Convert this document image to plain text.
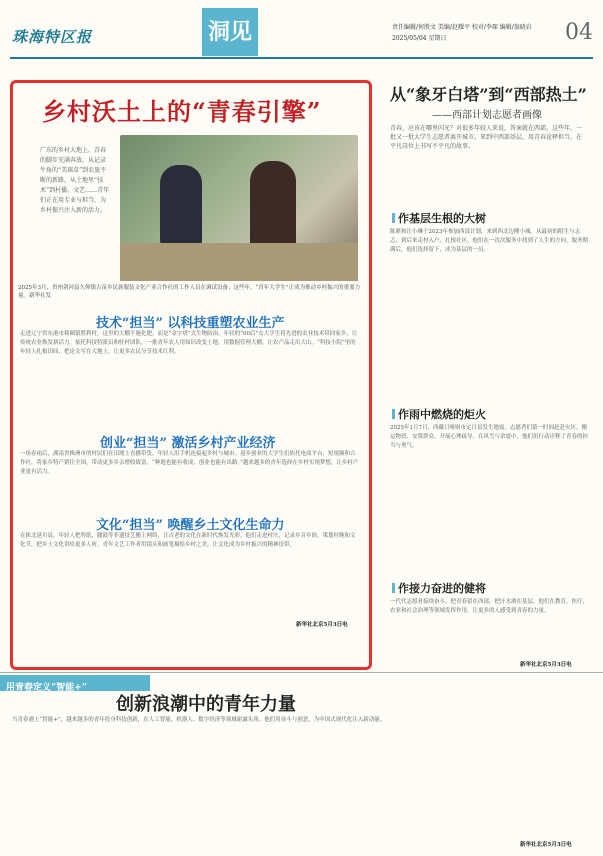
珠海特区报	洞见	责任编辑/何胜文 美编/赵耀平 校对/李琛 编辑/翁晓岩
2025/05/04 星期日	04
乡村沃土上的“青春引擎”
广东的乡村大地上，青春的脚步充满奔放。从记录牛角的“美瑶草”到农旅不断的新路，从土地里“技术”到村播、文艺……青年们正在用专业与担当，为乡村振兴注入新的活力。
2025年3月，贵州剑河县久仰镇古苗乡民族服装文化产业合作社的工作人员在调试设备；这些年，“青年大学生”正成为推动乡村振兴的重要力量。新华社发
技术“担当” 以科技重塑农业生产
走进辽宁省东港市椅圈镇胜利村，这里的大棚不施化肥，而是“金字塔”式生物防治。年轻的“00后”女大学生将先进的农业技术带回家乡，让传统农业焕发新活力。依托科技特派员和驻村团队，一批青年农人用知识改变土地，用数据管理大棚，让农产品走出大山。“科技小院”里的年轻人扎根田间，把论文写在大地上，让更多农民分享技术红利。
创业“担当” 激活乡村产业经济
一场春雨后，湖南省株洲市的村民们在田埂上直播带货，年轻人用手机连接起乡村与城市。返乡创业的大学生们依托电商平台、短视频和合作社，将家乡特产销往全国，带动更多乡亲增收致富。“种地也能有收成，创业也能有出路。”越来越多的青年选择在乡村实现梦想，让乡村产业更有活力。
文化“担当” 唤醒乡土文化生命力
在陕北延川县，年轻人把剪纸、腰鼓等非遗技艺搬上网络，让古老的文化在新时代焕发光彩。他们走进村庄，记录乡音乡俗，策划村晚和文化节，把乡土文化讲给更多人听。青年文艺工作者用镜头和画笔描绘乡村之美，让文化成为乡村振兴的精神纽带。
新华社北京5月3日电
从“象牙白塔”到“西部热土”
——西部计划志愿者画像
青春，应该在哪里闪光？对很多年轻人来说，答案就在西部。这些年，一批又一批大学生志愿者离开城市，来到中西部基层，用青春诠释担当，在平凡岗位上书写不平凡的故事。
作基层生根的大树
陈紧和汪小琳于2023年参加西部计划，来到西北边陲小城。从最初的陌生与忐忑，到后来走村入户、扎根社区，他们在一次次服务中找到了人生的方向。服务期满后，他们选择留下，成为基层的一员。
作雨中燃烧的炬火
2025年1月7日，西藏日喀则市定日县发生地震。志愿者们第一时间赶赴灾区，搬运物资、安置群众、开展心理疏导。在风雪与余震中，他们用行动诠释了青春的担当与勇气。
作接力奋进的健将
一代代志愿者接续奋斗，把青春留在西部，把汗水洒在基层。他们在教育、医疗、农业和社会治理等领域发挥作用，让更多的人感受到青春的力量。
新华社北京5月3日电
用青春定义“智能+”
创新浪潮中的青年力量
当青春遇上“智能+”，越来越多的青年投身科技创新，在人工智能、机器人、数字经济等领域崭露头角。他们用奋斗与创意，为中国式现代化注入新动能。
新华社北京5月3日电
